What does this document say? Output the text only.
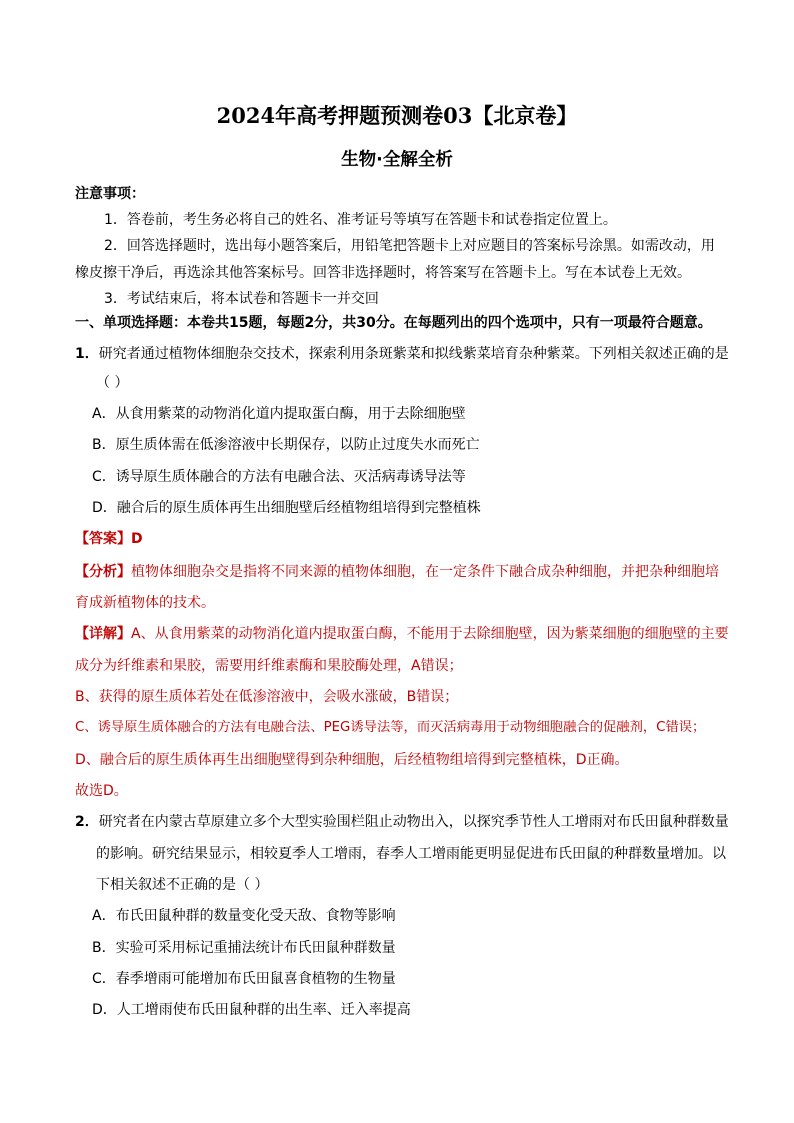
2024年高考押题预测卷03【北京卷】
生物·全解全析
注意事项：
1．答卷前，考生务必将自己的姓名、准考证号等填写在答题卡和试卷指定位置上。
2．回答选择题时，选出每小题答案后，用铅笔把答题卡上对应题目的答案标号涂黑。如需改动，用
橡皮擦干净后，再选涂其他答案标号。回答非选择题时，将答案写在答题卡上。写在本试卷上无效。
3．考试结束后，将本试卷和答题卡一并交回
一、单项选择题：本卷共15题，每题2分，共30分。在每题列出的四个选项中，只有一项最符合题意。
1．研究者通过植物体细胞杂交技术，探索利用条斑紫菜和拟线紫菜培育杂种紫菜。下列相关叙述正确的是
（ ）
A．从食用紫菜的动物消化道内提取蛋白酶，用于去除细胞壁
B．原生质体需在低渗溶液中长期保存，以防止过度失水而死亡
C．诱导原生质体融合的方法有电融合法、灭活病毒诱导法等
D．融合后的原生质体再生出细胞壁后经植物组培得到完整植株
【答案】D
【分析】植物体细胞杂交是指将不同来源的植物体细胞，在一定条件下融合成杂种细胞，并把杂种细胞培
育成新植物体的技术。
【详解】A、从食用紫菜的动物消化道内提取蛋白酶，不能用于去除细胞壁，因为紫菜细胞的细胞壁的主要
成分为纤维素和果胶，需要用纤维素酶和果胶酶处理，A错误；
B、获得的原生质体若处在低渗溶液中，会吸水涨破，B错误；
C、诱导原生质体融合的方法有电融合法、PEG诱导法等，而灭活病毒用于动物细胞融合的促融剂，C错误；
D、融合后的原生质体再生出细胞壁得到杂种细胞，后经植物组培得到完整植株，D正确。
故选D。
2．研究者在内蒙古草原建立多个大型实验围栏阻止动物出入，以探究季节性人工增雨对布氏田鼠种群数量
的影响。研究结果显示，相较夏季人工增雨，春季人工增雨能更明显促进布氏田鼠的种群数量增加。以
下相关叙述不正确的是（ ）
A．布氏田鼠种群的数量变化受天敌、食物等影响
B．实验可采用标记重捕法统计布氏田鼠种群数量
C．春季增雨可能增加布氏田鼠喜食植物的生物量
D．人工增雨使布氏田鼠种群的出生率、迁入率提高
